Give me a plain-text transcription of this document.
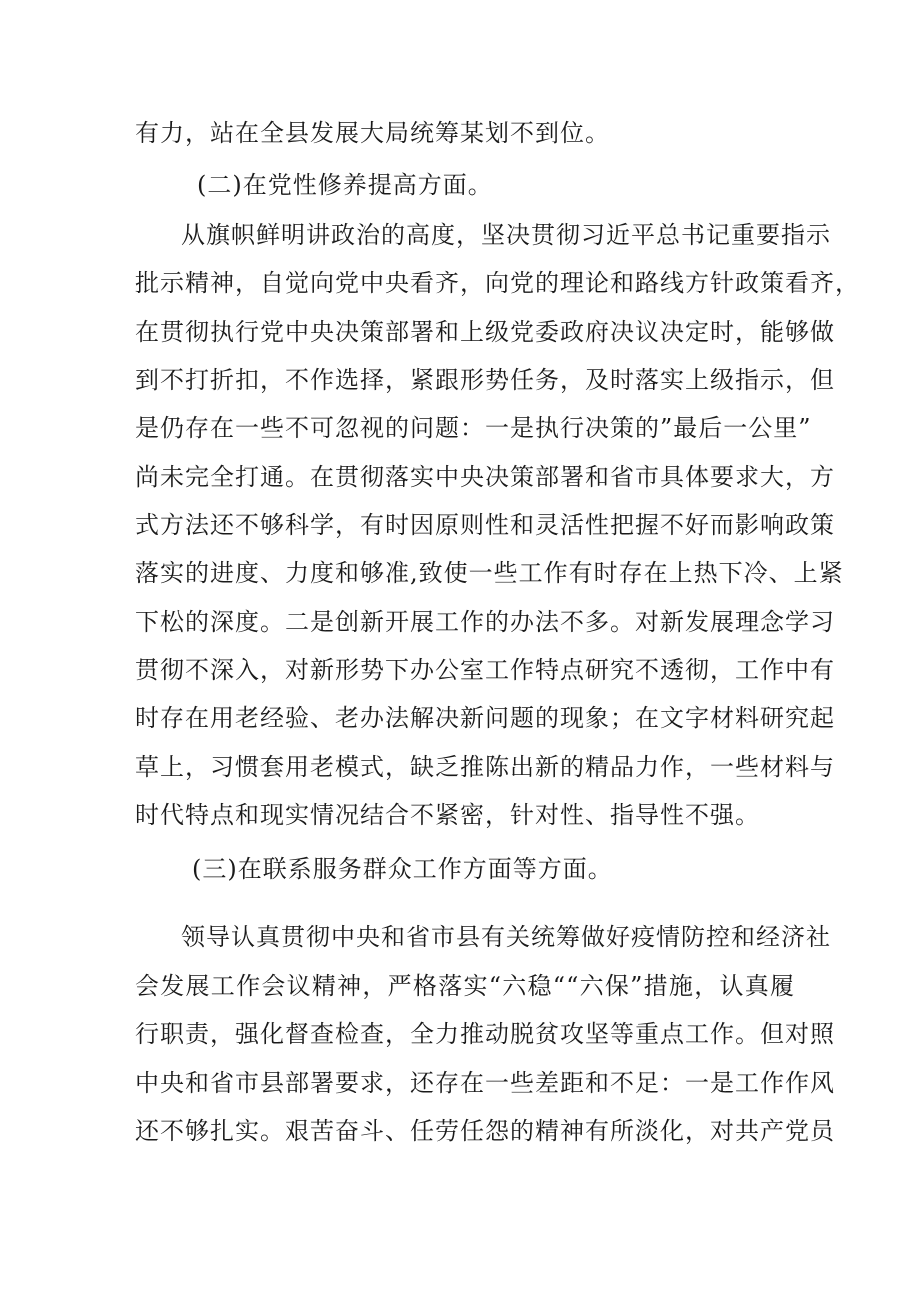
有力，站在全县发展大局统筹某划不到位。
(二)在党性修养提高方面。
从旗帜鲜明讲政治的高度，坚决贯彻习近平总书记重要指示
批示精神，自觉向党中央看齐，向党的理论和路线方针政策看齐，
在贯彻执行党中央决策部署和上级党委政府决议决定时，能够做
到不打折扣，不作选择，紧跟形势任务，及时落实上级指示，但
是仍存在一些不可忽视的问题：一是执行决策的”最后一公里”
尚未完全打通。在贯彻落实中央决策部署和省市具体要求大，方
式方法还不够科学，有时因原则性和灵活性把握不好而影响政策
落实的进度、力度和够准,致使一些工作有时存在上热下冷、上紧
下松的深度。二是创新开展工作的办法不多。对新发展理念学习
贯彻不深入，对新形势下办公室工作特点研究不透彻，工作中有
时存在用老经验、老办法解决新问题的现象；在文字材料研究起
草上，习惯套用老模式，缺乏推陈出新的精品力作，一些材料与
时代特点和现实情况结合不紧密，针对性、指导性不强。
(三)在联系服务群众工作方面等方面。
领导认真贯彻中央和省市县有关统筹做好疫情防控和经济社
会发展工作会议精神，严格落实“六稳““六保”措施，认真履
行职责，强化督查检查，全力推动脱贫攻坚等重点工作。但对照
中央和省市县部署要求，还存在一些差距和不足：一是工作作风
还不够扎实。艰苦奋斗、任劳任怨的精神有所淡化，对共产党员
